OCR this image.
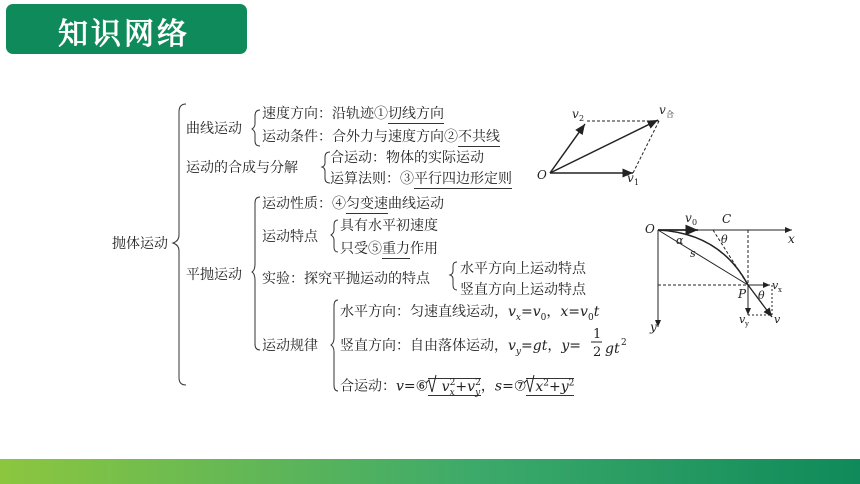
知识网络
抛体运动
曲线运动
运动的合成与分解
平抛运动
速度方向：沿轨迹①切线方向
运动条件：合外力与速度方向②不共线
合运动：物体的实际运动
运算法则：③平行四边形定则
运动性质：④匀变速曲线运动
运动特点
具有水平初速度
只受⑤重力作用
实验：探究平抛运动的特点
水平方向上运动特点
竖直方向上运动特点
运动规律
水平方向：匀速直线运动，$v_x=v_0$，$x=v_0t$
竖直方向：自由落体运动，$v_y=gt$，y=
1
2 gt 2
合运动：v=⑥ $v_x^2+v_y^2$，s=⑦ $x^2+y^2$
O
v 2
v 合
v 1
O
v 0 C
θ	x
y
α
s
P θ
v x
v y v
